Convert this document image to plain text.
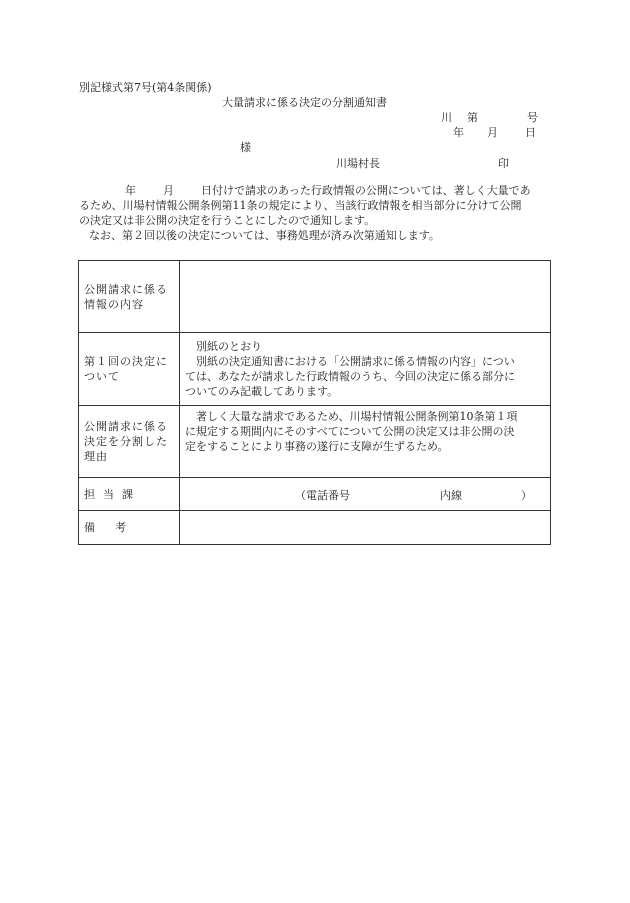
別記様式第7号(第4条関係)
大量請求に係る決定の分割通知書
川 第	号
年 月 日
様
川場村長	印
年 月 日付けで請求のあった行政情報の公開については、著しく大量であ
るため、川場村情報公開条例第11条の規定により、当該行政情報を相当部分に分けて公開
の決定又は非公開の決定を行うことにしたので通知します。
なお、第２回以後の決定については、事務処理が済み次第通知します。
公開請求に係る
情報の内容	

第１回の決定に
ついて	別紙のとおり
別紙の決定通知書における「公開請求に係る情報の内容」につい
ては、あなたが請求した行政情報のうち、今回の決定に係る部分に
ついてのみ記載してあります。

公開請求に係る
決定を分割した
理由	著しく大量な請求であるため、川場村情報公開条例第10条第１項
に規定する期間内にそのすべてについて公開の決定又は非公開の決
定をすることにより事務の遂行に支障が生ずるため。

担当課	（電話番号 内線 ）

備考	
